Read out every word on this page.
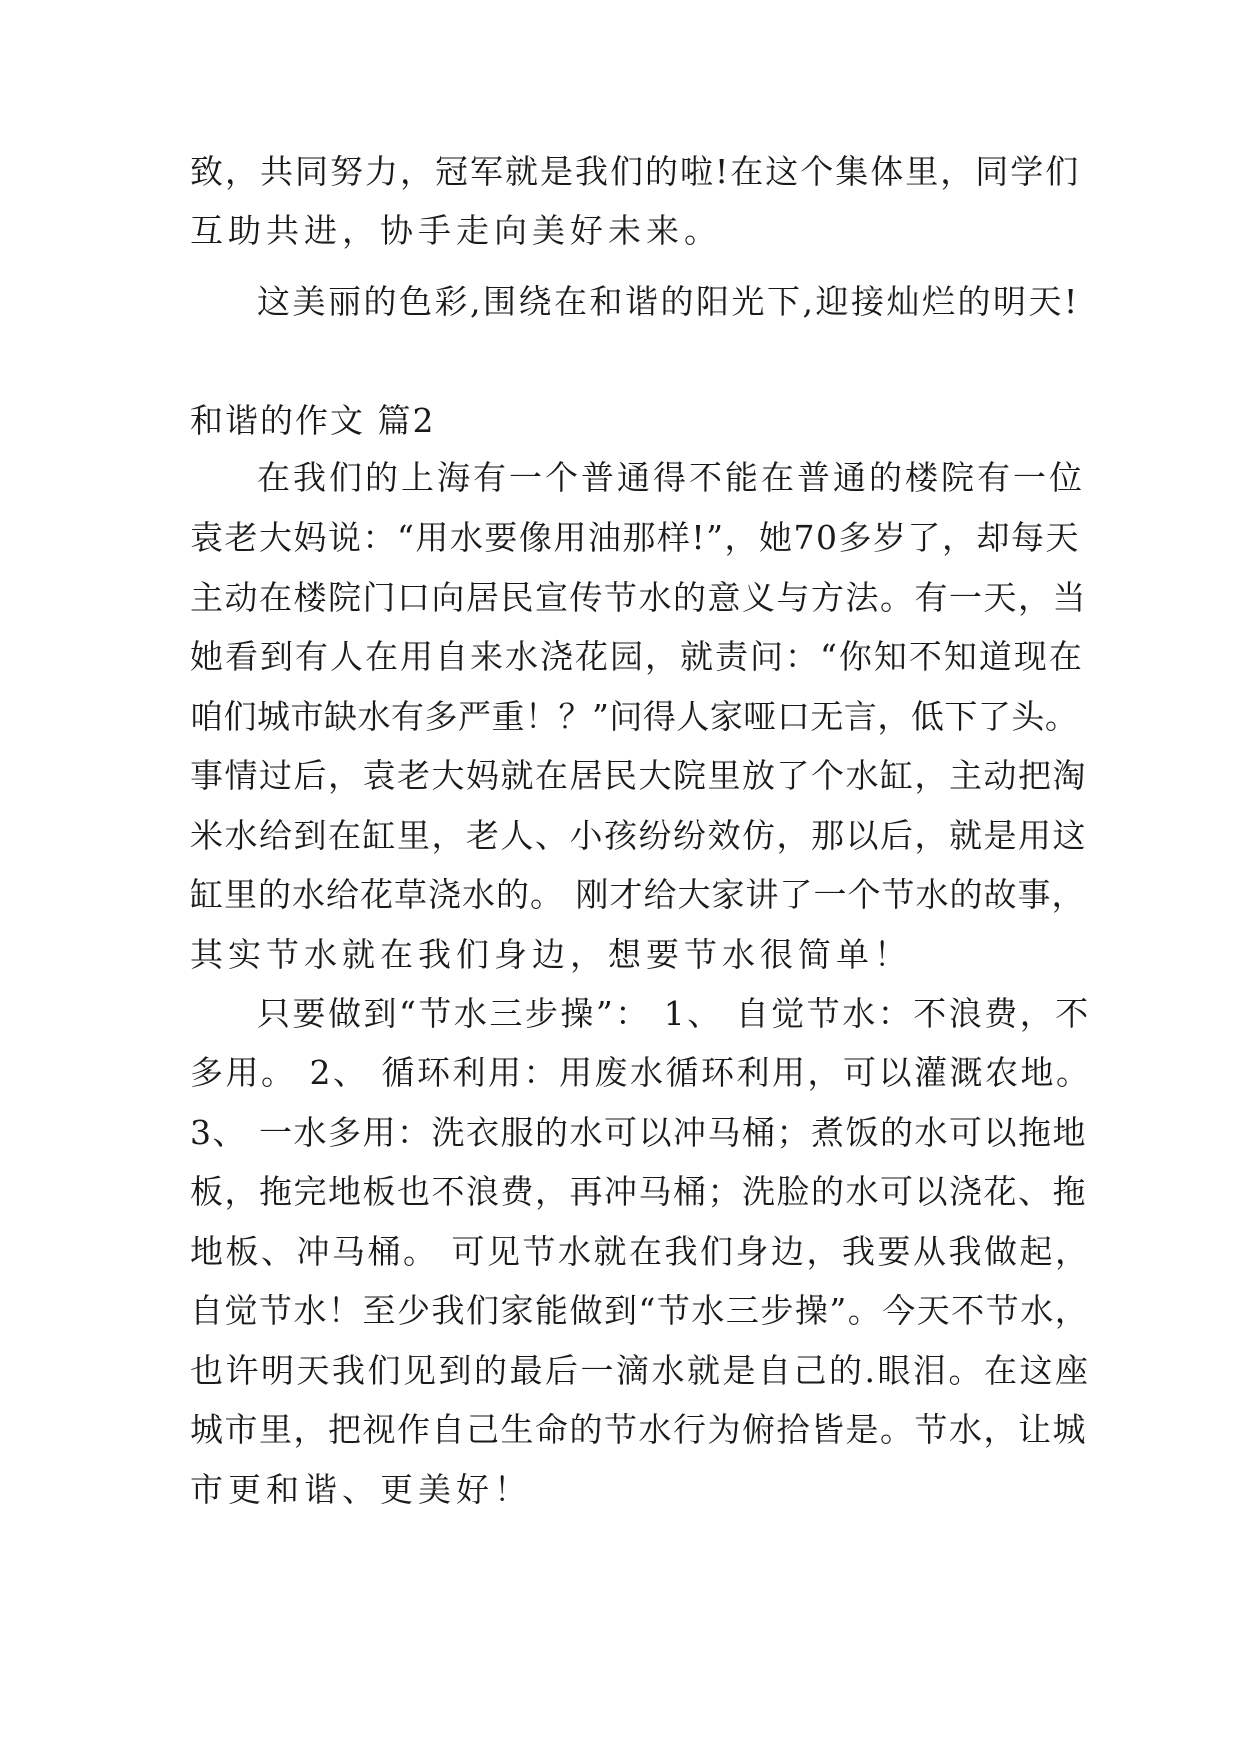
致，共同努力，冠军就是我们的啦!在这个集体里，同学们
互助共进，协手走向美好未来。
这美丽的色彩,围绕在和谐的阳光下,迎接灿烂的明天!
和谐的作文 篇2
在我们的上海有一个普通得不能在普通的楼院有一位
袁老大妈说：“用水要像用油那样!”，她70多岁了，却每天
主动在楼院门口向居民宣传节水的意义与方法。有一天，当
她看到有人在用自来水浇花园，就责问：“你知不知道现在
咱们城市缺水有多严重！？”问得人家哑口无言，低下了头。
事情过后，袁老大妈就在居民大院里放了个水缸，主动把淘
米水给到在缸里，老人、小孩纷纷效仿，那以后，就是用这
缸里的水给花草浇水的。 刚才给大家讲了一个节水的故事，
其实节水就在我们身边，想要节水很简单！
只要做到“节水三步操”： 1、 自觉节水：不浪费，不
多用。 2、 循环利用：用废水循环利用，可以灌溉农地。
3、 一水多用：洗衣服的水可以冲马桶；煮饭的水可以拖地
板，拖完地板也不浪费，再冲马桶；洗脸的水可以浇花、拖
地板、冲马桶。 可见节水就在我们身边，我要从我做起，
自觉节水！至少我们家能做到“节水三步操”。今天不节水，
也许明天我们见到的最后一滴水就是自己的.眼泪。在这座
城市里，把视作自己生命的节水行为俯拾皆是。节水，让城
市更和谐、更美好！
